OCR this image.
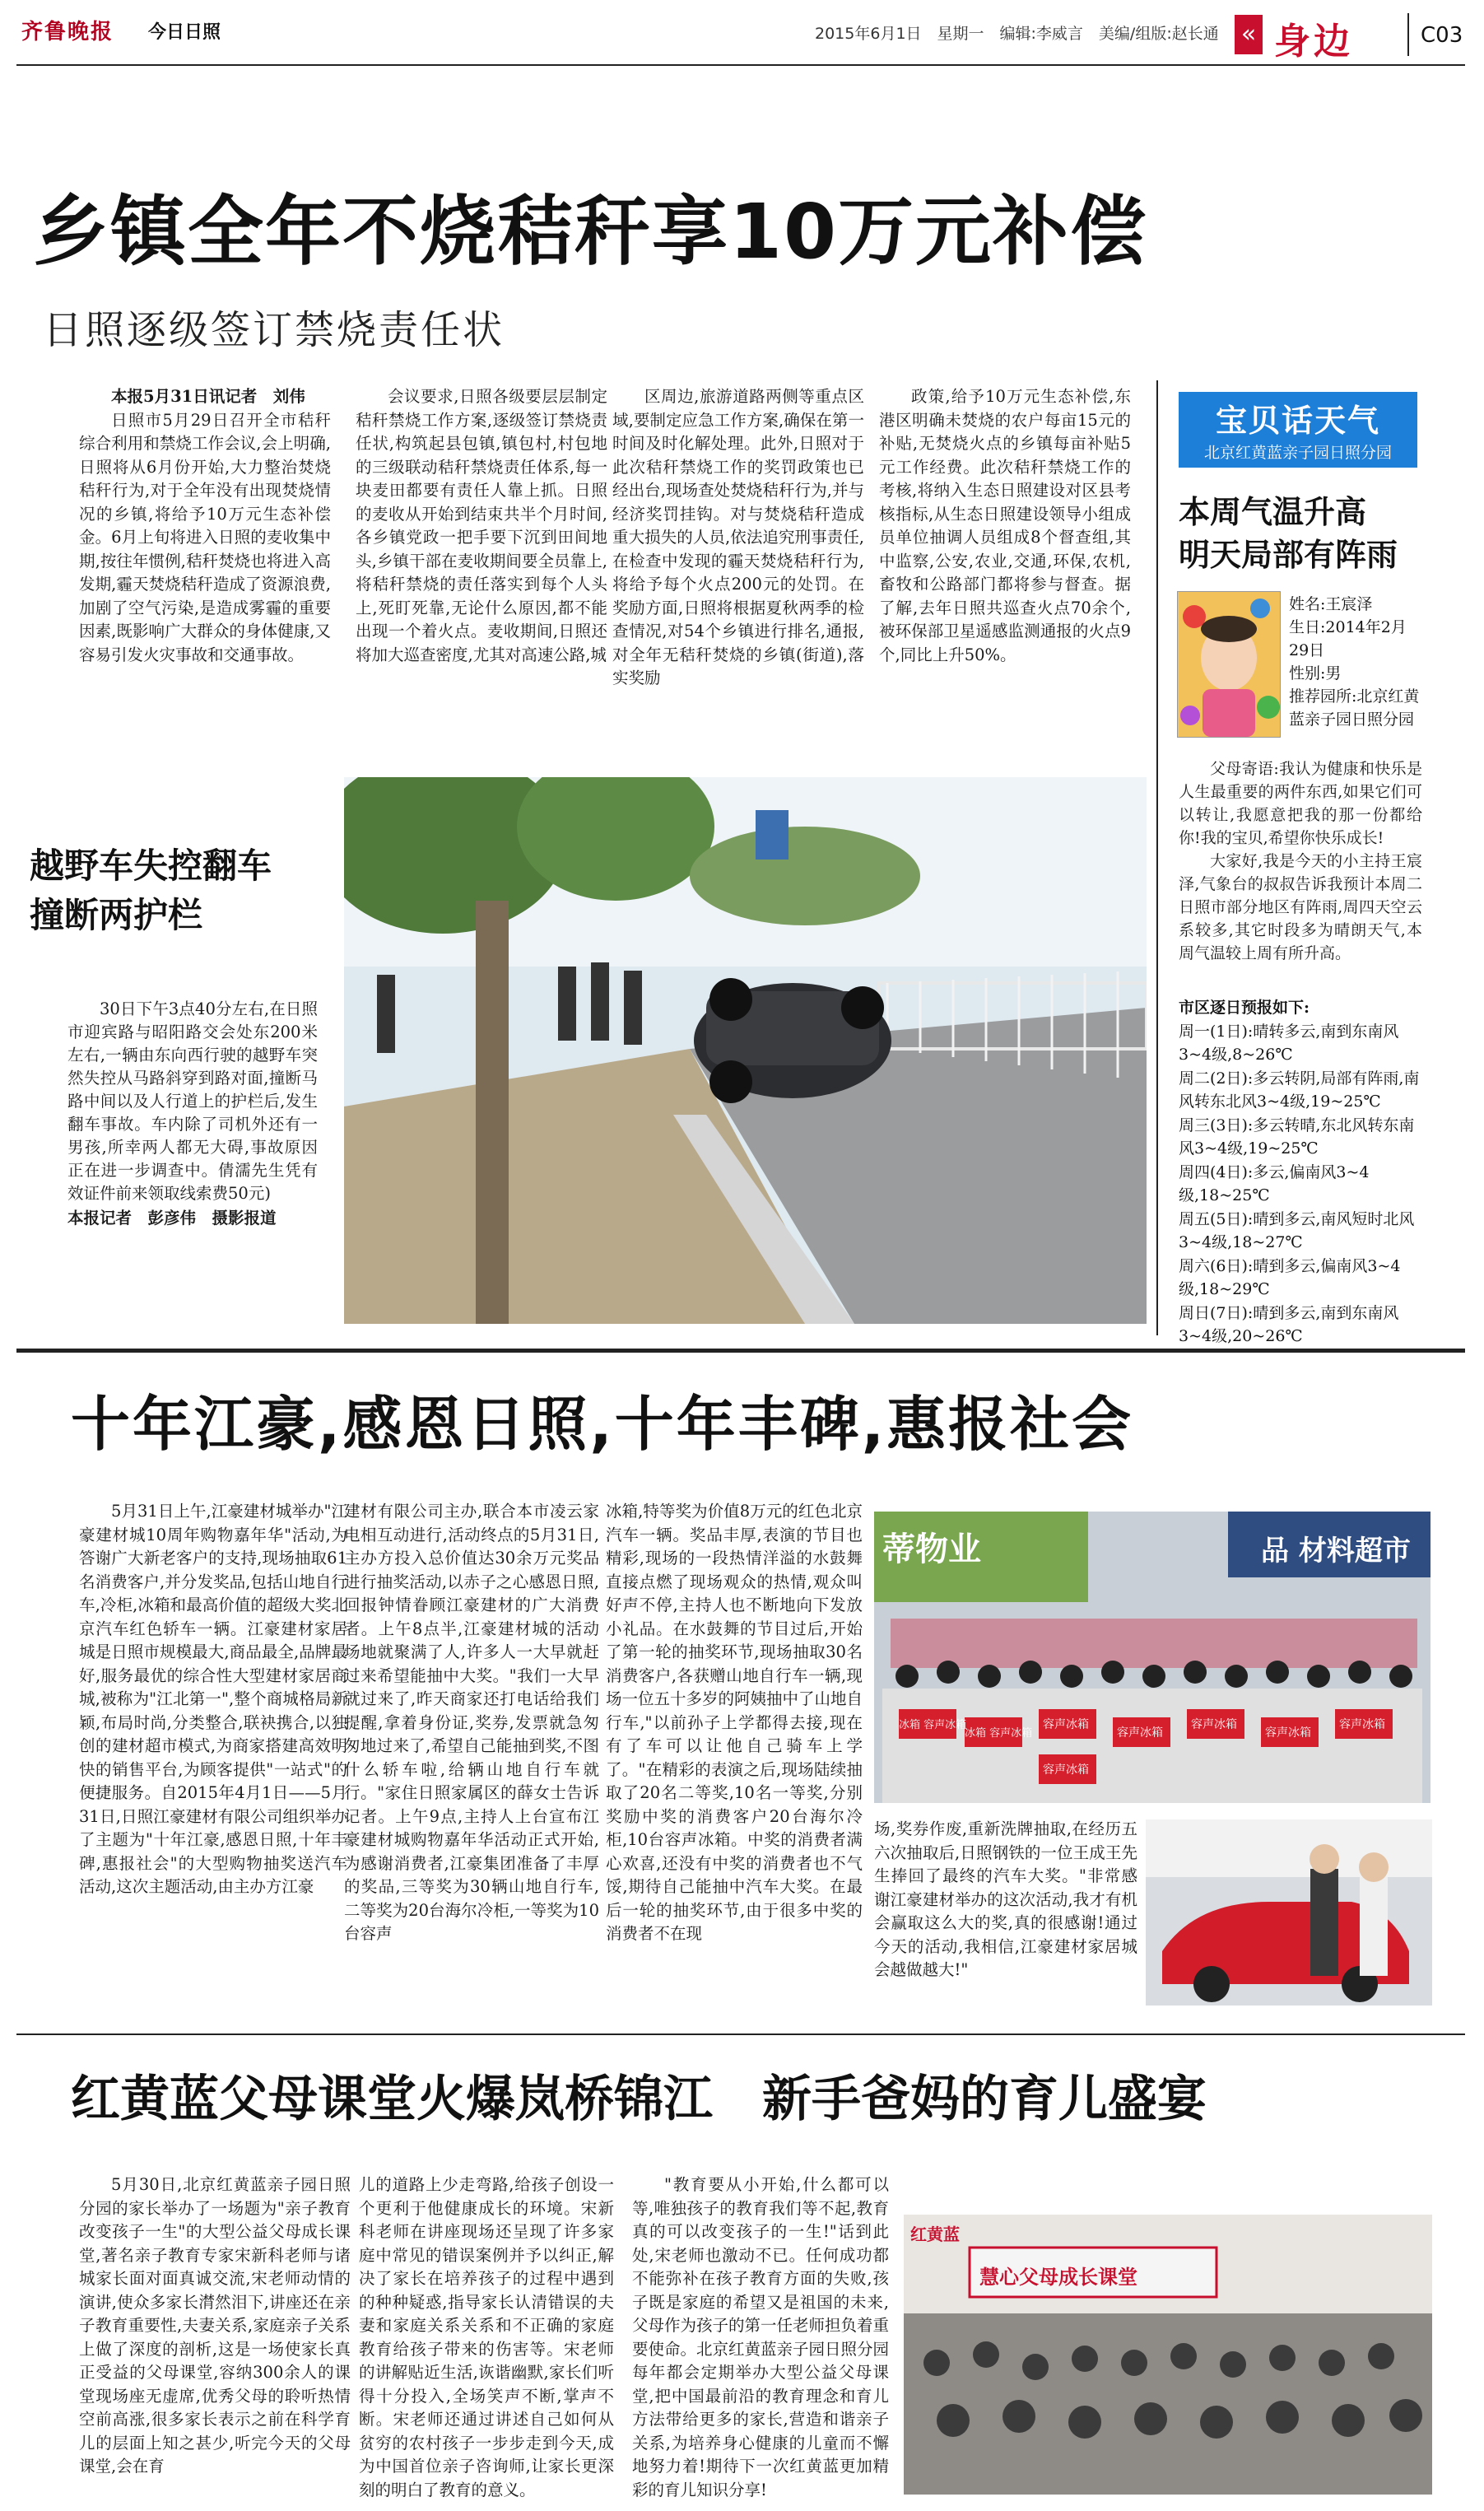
齐鲁晚报 今日日照	2015年6月1日　星期一　编辑:李威言　美编/组版:赵长通 « 身边	C03
乡镇全年不烧秸秆享10万元补偿
日照逐级签订禁烧责任状
本报5月31日讯记者　刘伟

日照市5月29日召开全市秸秆综合利用和禁烧工作会议,会上明确,日照将从6月份开始,大力整治焚烧秸秆行为,对于全年没有出现焚烧情况的乡镇,将给予10万元生态补偿金。6月上旬将进入日照的麦收集中期,按往年惯例,秸秆焚烧也将进入高发期,霾天焚烧秸秆造成了资源浪费,加剧了空气污染,是造成雾霾的重要因素,既影响广大群众的身体健康,又容易引发火灾事故和交通事故。

会议要求,日照各级要层层制定秸秆禁烧工作方案,逐级签订禁烧责任状,构筑起县包镇,镇包村,村包地的三级联动秸秆禁烧责任体系,每一块麦田都要有责任人靠上抓。日照的麦收从开始到结束共半个月时间,各乡镇党政一把手要下沉到田间地头,乡镇干部在麦收期间要全员靠上,将秸秆禁烧的责任落实到每个人头上,死盯死靠,无论什么原因,都不能出现一个着火点。麦收期间,日照还将加大巡查密度,尤其对高速公路,城

区周边,旅游道路两侧等重点区域,要制定应急工作方案,确保在第一时间及时化解处理。此外,日照对于此次秸秆禁烧工作的奖罚政策也已经出台,现场查处焚烧秸秆行为,并与经济奖罚挂钩。对与焚烧秸秆造成重大损失的人员,依法追究刑事责任,在检查中发现的霾天焚烧秸秆行为,将给予每个火点200元的处罚。在奖励方面,日照将根据夏秋两季的检查情况,对54个乡镇进行排名,通报,对全年无秸秆焚烧的乡镇(街道),落实奖励

政策,给予10万元生态补偿,东港区明确未焚烧的农户每亩15元的补贴,无焚烧火点的乡镇每亩补贴5元工作经费。此次秸秆禁烧工作的考核,将纳入生态日照建设对区县考核指标,从生态日照建设领导小组成员单位抽调人员组成8个督查组,其中监察,公安,农业,交通,环保,农机,畜牧和公路部门都将参与督查。据了解,去年日照共巡查火点70余个,被环保部卫星遥感监测通报的火点9个,同比上升50%。

越野车失控翻车
撞断两护栏

30日下午3点40分左右,在日照市迎宾路与昭阳路交会处东200米左右,一辆由东向西行驶的越野车突然失控从马路斜穿到路对面,撞断马路中间以及人行道上的护栏后,发生翻车事故。车内除了司机外还有一男孩,所幸两人都无大碍,事故原因正在进一步调查中。倩濡先生凭有效证件前来领取线索费50元)

本报记者　彭彦伟　摄影报道
宝贝话天气
北京红黄蓝亲子园日照分园
本周气温升高
明天局部有阵雨
姓名:王宸泽
生日:2014年2月29日
性别:男
推荐园所:北京红黄蓝亲子园日照分园

父母寄语:我认为健康和快乐是人生最重要的两件东西,如果它们可以转让,我愿意把我的那一份都给你!我的宝贝,希望你快乐成长!

大家好,我是今天的小主持王宸泽,气象台的叔叔告诉我预计本周二日照市部分地区有阵雨,周四天空云系较多,其它时段多为晴朗天气,本周气温较上周有所升高。

市区逐日预报如下:
周一(1日):晴转多云,南到东南风3~4级,8~26℃
周二(2日):多云转阴,局部有阵雨,南风转东北风3~4级,19~25℃
周三(3日):多云转晴,东北风转东南风3~4级,19~25℃
周四(4日):多云,偏南风3~4级,18~25℃
周五(5日):晴到多云,南风短时北风3~4级,18~27℃
周六(6日):晴到多云,偏南风3~4级,18~29℃
周日(7日):晴到多云,南到东南风3~4级,20~26℃
十年江豪,感恩日照,十年丰碑,惠报社会

5月31日上午,江豪建材城举办"江豪建材城10周年购物嘉年华"活动,为答谢广大新老客户的支持,现场抽取61名消费客户,并分发奖品,包括山地自行车,冷柜,冰箱和最高价值的超级大奖北京汽车红色轿车一辆。江豪建材家居城是日照市规模最大,商品最全,品牌最好,服务最优的综合性大型建材家居商城,被称为"江北第一",整个商城格局新颖,布局时尚,分类整合,联袂携合,以独创的建材超市模式,为商家搭建高效明快的销售平台,为顾客提供"一站式"的便捷服务。自2015年4月1日——5月31日,日照江豪建材有限公司组织举办了主题为"十年江豪,感恩日照,十年丰碑,惠报社会"的大型购物抽奖送汽车活动,这次主题活动,由主办方江豪

建材有限公司主办,联合本市凌云家电相互动进行,活动终点的5月31日,主办方投入总价值达30余万元奖品进行抽奖活动,以赤子之心感恩日照,回报钟情眷顾江豪建材的广大消费者。上午8点半,江豪建材城的活动场地就聚满了人,许多人一大早就赶过来希望能抽中大奖。"我们一大早就过来了,昨天商家还打电话给我们提醒,拿着身份证,奖券,发票就急匆匆地过来了,希望自己能抽到奖,不图什么轿车啦,给辆山地自行车就行。"家住日照家属区的薛女士告诉记者。上午9点,主持人上台宣布江豪建材城购物嘉年华活动正式开始,为感谢消费者,江豪集团准备了丰厚的奖品,三等奖为30辆山地自行车,二等奖为20台海尔冷柜,一等奖为10台容声

冰箱,特等奖为价值8万元的红色北京汽车一辆。奖品丰厚,表演的节目也精彩,现场的一段热情洋溢的水鼓舞直接点燃了现场观众的热情,观众叫好声不停,主持人也不断地向下发放小礼品。在水鼓舞的节目过后,开始了第一轮的抽奖环节,现场抽取30名消费客户,各获赠山地自行车一辆,现场一位五十多岁的阿姨抽中了山地自行车,"以前孙子上学都得去接,现在有了车可以让他自己骑车上学了。"在精彩的表演之后,现场陆续抽取了20名二等奖,10名一等奖,分别奖励中奖的消费客户20台海尔冷柜,10台容声冰箱。中奖的消费者满心欢喜,还没有中奖的消费者也不气馁,期待自己能抽中汽车大奖。在最后一轮的抽奖环节,由于很多中奖的消费者不在现

蒂物业	品 材料超市
冰箱 容声冰箱
冰箱 容声冰箱
容声冰箱
容声冰箱
容声冰箱
容声冰箱
容声冰箱
容声冰箱

场,奖券作废,重新洗牌抽取,在经历五六次抽取后,日照钢铁的一位王成王先生捧回了最终的汽车大奖。"非常感谢江豪建材举办的这次活动,我才有机会赢取这么大的奖,真的很感谢!通过今天的活动,我相信,江豪建材家居城会越做越大!"

红黄蓝父母课堂火爆岚桥锦江　新手爸妈的育儿盛宴

5月30日,北京红黄蓝亲子园日照分园的家长举办了一场题为"亲子教育改变孩子一生"的大型公益父母成长课堂,著名亲子教育专家宋新科老师与诸城家长面对面真诚交流,宋老师动情的演讲,使众多家长潸然泪下,讲座还在亲子教育重要性,夫妻关系,家庭亲子关系上做了深度的剖析,这是一场使家长真正受益的父母课堂,容纳300余人的课堂现场座无虚席,优秀父母的聆听热情空前高涨,很多家长表示之前在科学育儿的层面上知之甚少,听完今天的父母课堂,会在育

儿的道路上少走弯路,给孩子创设一个更利于他健康成长的环境。宋新科老师在讲座现场还呈现了许多家庭中常见的错误案例并予以纠正,解决了家长在培养孩子的过程中遇到的种种疑惑,指导家长认清错误的夫妻和家庭关系关系和不正确的家庭教育给孩子带来的伤害等。宋老师的讲解贴近生活,诙谐幽默,家长们听得十分投入,全场笑声不断,掌声不断。宋老师还通过讲述自己如何从贫穷的农村孩子一步步走到今天,成为中国首位亲子咨询师,让家长更深刻的明白了教育的意义。

"教育要从小开始,什么都可以等,唯独孩子的教育我们等不起,教育真的可以改变孩子的一生!"话到此处,宋老师也激动不已。任何成功都不能弥补在孩子教育方面的失败,孩子既是家庭的希望又是祖国的未来,父母作为孩子的第一任老师担负着重要使命。北京红黄蓝亲子园日照分园每年都会定期举办大型公益父母课堂,把中国最前沿的教育理念和育儿方法带给更多的家长,营造和谐亲子关系,为培养身心健康的儿童而不懈地努力着!期待下一次红黄蓝更加精彩的育儿知识分享!

红黄蓝
慧心父母成长课堂
